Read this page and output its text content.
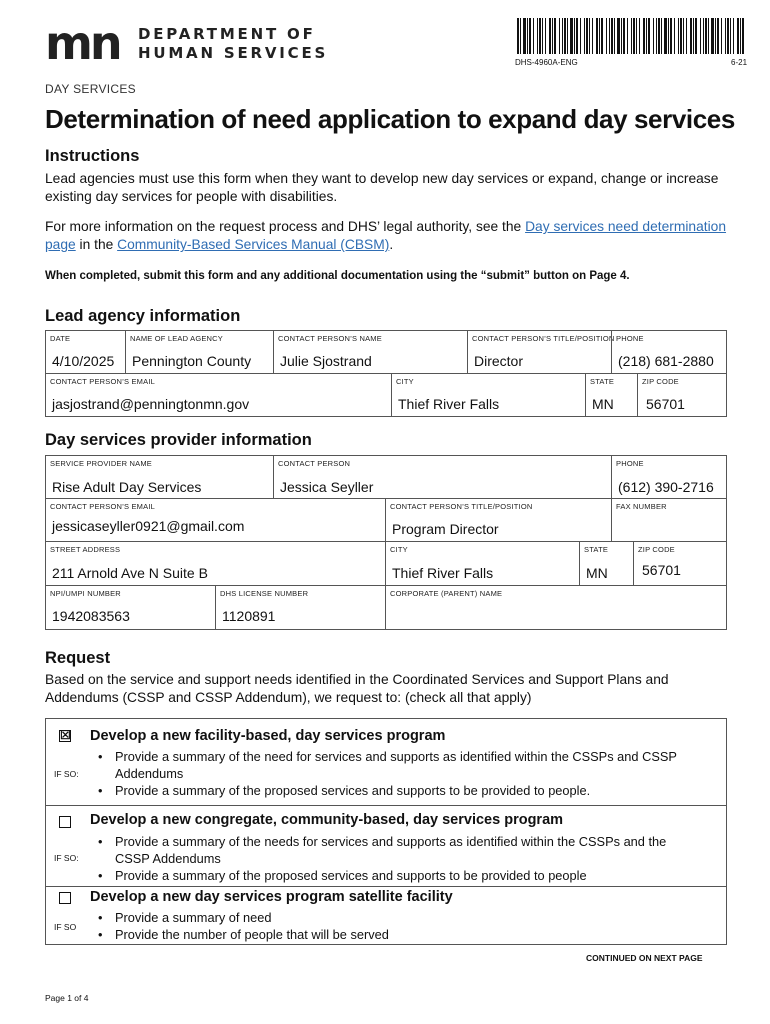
mn DEPARTMENT OF
HUMAN SERVICES
DHS-4960A-ENG	6-21
DAY SERVICES
Determination of need application to expand day services
Instructions

Lead agencies must use this form when they want to develop new day services or expand, change or increase existing day services for people with disabilities.

For more information on the request process and DHS’ legal authority, see the Day services need determination page in the Community-Based Services Manual (CBSM).

When completed, submit this form and any additional documentation using the “submit” button on Page 4.
Lead agency information
DATE
4/10/2025
NAME OF LEAD AGENCY
Pennington County
CONTACT PERSON’S NAME
Julie Sjostrand
CONTACT PERSON’S TITLE/POSITION
Director
PHONE
(218) 681-2880
CONTACT PERSON’S EMAIL
jasjostrand@penningtonmn.gov
CITY
Thief River Falls
STATE
MN
ZIP CODE
56701
Day services provider information
SERVICE PROVIDER NAME
Rise Adult Day Services
CONTACT PERSON
Jessica Seyller
PHONE
(612) 390-2716
CONTACT PERSON’S EMAIL
jessicaseyller0921@gmail.com
CONTACT PERSON’S TITLE/POSITION
Program Director
FAX NUMBER
STREET ADDRESS
211 Arnold Ave N Suite B
CITY
Thief River Falls
STATE
MN
ZIP CODE
56701
NPI/UMPI NUMBER
1942083563
DHS LICENSE NUMBER
1120891
CORPORATE (PARENT) NAME
Request

Based on the service and support needs identified in the Coordinated Services and Support Plans and Addendums (CSSP and CSSP Addendum), we request to: (check all that apply)

☒ Develop a new facility-based, day services program
IF SO:
• Provide a summary of the need for services and supports as identified within the CSSPs and CSSP Addendums
• Provide a summary of the proposed services and supports to be provided to people.
Develop a new congregate, community-based, day services program
IF SO:
• Provide a summary of the needs for services and supports as identified within the CSSPs and the CSSP Addendums
• Provide a summary of the proposed services and supports to be provided to people
Develop a new day services program satellite facility
IF SO
• Provide a summary of need
• Provide the number of people that will be served
CONTINUED ON NEXT PAGE
Page 1 of 4
